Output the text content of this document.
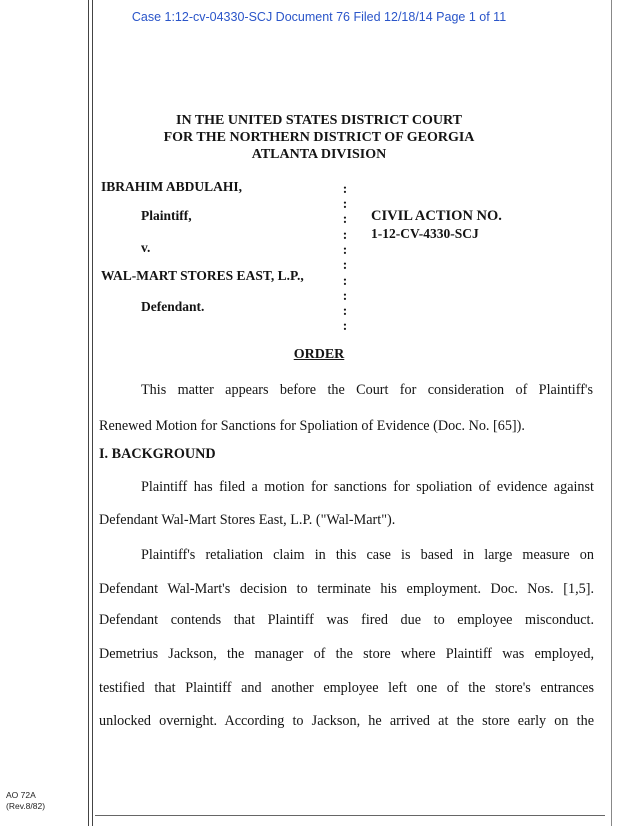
Case 1:12-cv-04330-SCJ Document 76 Filed 12/18/14 Page 1 of 11
IN THE UNITED STATES DISTRICT COURT
FOR THE NORTHERN DISTRICT OF GEORGIA
ATLANTA DIVISION
IBRAHIM ABDULAHI,
Plaintiff,
v.
WAL-MART STORES EAST, L.P.,
Defendant.
:
:
:
:
:
:
:
:
:
:
CIVIL ACTION NO.
1-12-CV-4330-SCJ
ORDER
This matter appears before the Court for consideration of Plaintiff's
Renewed Motion for Sanctions for Spoliation of Evidence (Doc. No. [65]).
I. BACKGROUND
Plaintiff has filed a motion for sanctions for spoliation of evidence against
Defendant Wal-Mart Stores East, L.P. ("Wal-Mart").
Plaintiff's retaliation claim in this case is based in large measure on
Defendant Wal-Mart's decision to terminate his employment. Doc. Nos. [1,5].
Defendant contends that Plaintiff was fired due to employee misconduct.
Demetrius Jackson, the manager of the store where Plaintiff was employed,
testified that Plaintiff and another employee left one of the store's entrances
unlocked overnight. According to Jackson, he arrived at the store early on the
AO 72A
(Rev.8/82)
